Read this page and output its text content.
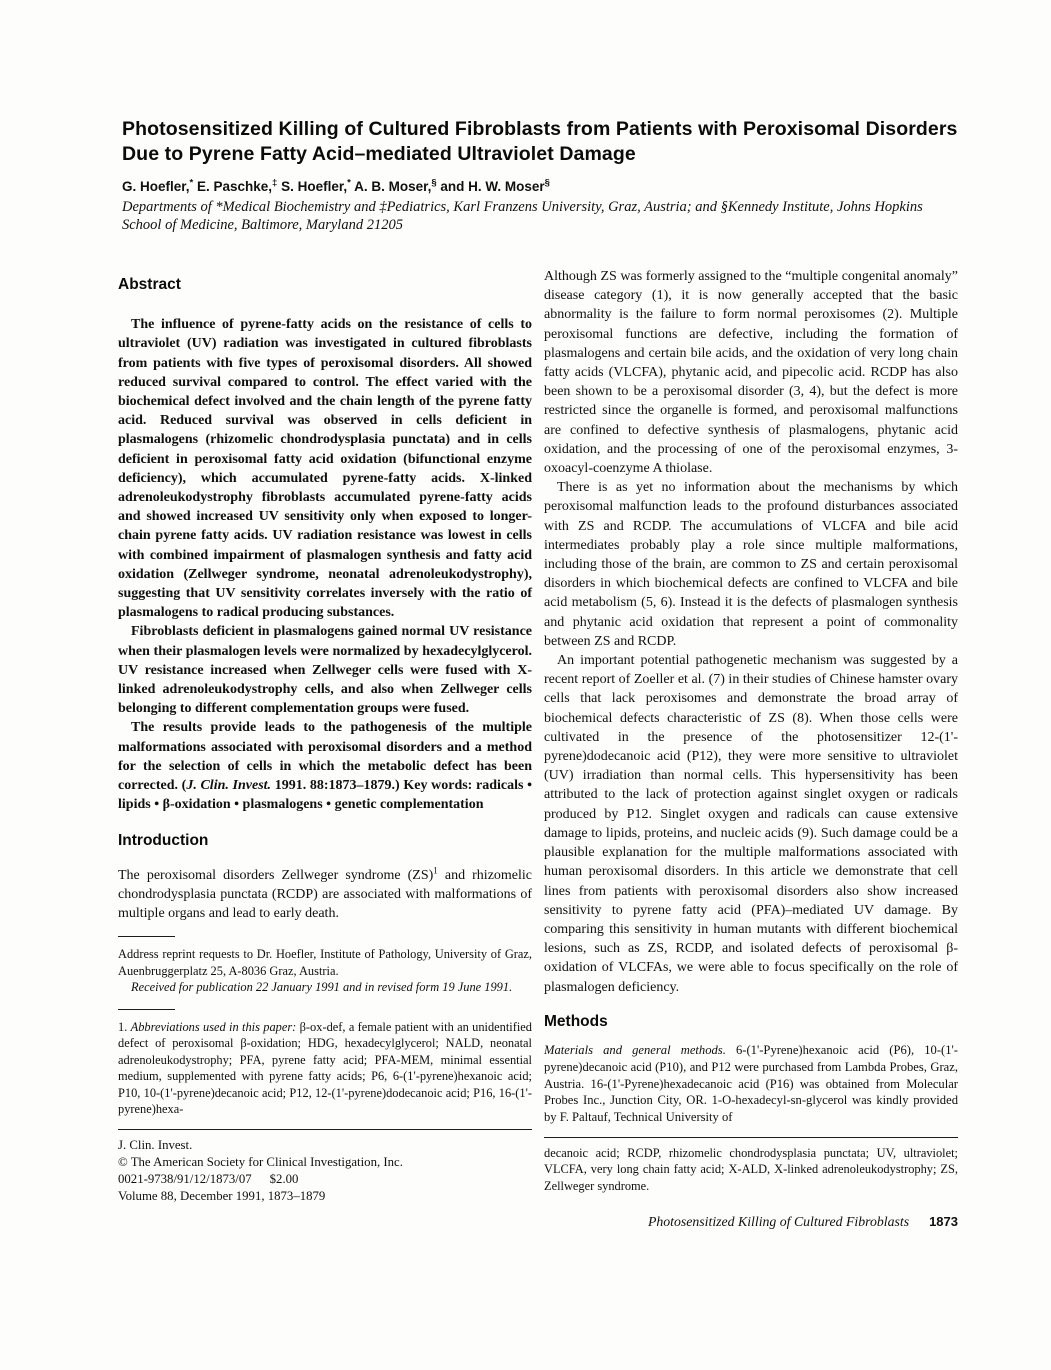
Photosensitized Killing of Cultured Fibroblasts from Patients with Peroxisomal Disorders Due to Pyrene Fatty Acid–mediated Ultraviolet Damage
G. Hoefler,* E. Paschke,‡ S. Hoefler,* A. B. Moser,§ and H. W. Moser§
Departments of *Medical Biochemistry and ‡Pediatrics, Karl Franzens University, Graz, Austria; and §Kennedy Institute, Johns Hopkins School of Medicine, Baltimore, Maryland 21205
Abstract

The influence of pyrene-fatty acids on the resistance of cells to ultraviolet (UV) radiation was investigated in cultured fibroblasts from patients with five types of peroxisomal disorders. All showed reduced survival compared to control. The effect varied with the biochemical defect involved and the chain length of the pyrene fatty acid. Reduced survival was observed in cells deficient in plasmalogens (rhizomelic chondrodysplasia punctata) and in cells deficient in peroxisomal fatty acid oxidation (bifunctional enzyme deficiency), which accumulated pyrene-fatty acids. X-linked adrenoleukodystrophy fibroblasts accumulated pyrene-fatty acids and showed increased UV sensitivity only when exposed to longer-chain pyrene fatty acids. UV radiation resistance was lowest in cells with combined impairment of plasmalogen synthesis and fatty acid oxidation (Zellweger syndrome, neonatal adrenoleukodystrophy), suggesting that UV sensitivity correlates inversely with the ratio of plasmalogens to radical producing substances.

Fibroblasts deficient in plasmalogens gained normal UV resistance when their plasmalogen levels were normalized by hexadecylglycerol. UV resistance increased when Zellweger cells were fused with X-linked adrenoleukodystrophy cells, and also when Zellweger cells belonging to different complementation groups were fused.

The results provide leads to the pathogenesis of the multiple malformations associated with peroxisomal disorders and a method for the selection of cells in which the metabolic defect has been corrected. (J. Clin. Invest. 1991. 88:1873–1879.) Key words: radicals • lipids • β-oxidation • plasmalogens • genetic complementation

Introduction

The peroxisomal disorders Zellweger syndrome (ZS)$^1$ and rhizomelic chondrodysplasia punctata (RCDP) are associated with malformations of multiple organs and lead to early death.

Address reprint requests to Dr. Hoefler, Institute of Pathology, University of Graz, Auenbruggerplatz 25, A-8036 Graz, Austria.

Received for publication 22 January 1991 and in revised form 19 June 1991.

1. Abbreviations used in this paper: β-ox-def, a female patient with an unidentified defect of peroxisomal β-oxidation; HDG, hexadecylglycerol; NALD, neonatal adrenoleukodystrophy; PFA, pyrene fatty acid; PFA-MEM, minimal essential medium, supplemented with pyrene fatty acids; P6, 6-(1'-pyrene)hexanoic acid; P10, 10-(1'-pyrene)decanoic acid; P12, 12-(1'-pyrene)dodecanoic acid; P16, 16-(1'-pyrene)hexa-

J. Clin. Invest.
© The American Society for Clinical Investigation, Inc.
0021-9738/91/12/1873/07 $2.00
Volume 88, December 1991, 1873–1879

Although ZS was formerly assigned to the “multiple congenital anomaly” disease category (1), it is now generally accepted that the basic abnormality is the failure to form normal peroxisomes (2). Multiple peroxisomal functions are defective, including the formation of plasmalogens and certain bile acids, and the oxidation of very long chain fatty acids (VLCFA), phytanic acid, and pipecolic acid. RCDP has also been shown to be a peroxisomal disorder (3, 4), but the defect is more restricted since the organelle is formed, and peroxisomal malfunctions are confined to defective synthesis of plasmalogens, phytanic acid oxidation, and the processing of one of the peroxisomal enzymes, 3-oxoacyl-coenzyme A thiolase.

There is as yet no information about the mechanisms by which peroxisomal malfunction leads to the profound disturbances associated with ZS and RCDP. The accumulations of VLCFA and bile acid intermediates probably play a role since multiple malformations, including those of the brain, are common to ZS and certain peroxisomal disorders in which biochemical defects are confined to VLCFA and bile acid metabolism (5, 6). Instead it is the defects of plasmalogen synthesis and phytanic acid oxidation that represent a point of commonality between ZS and RCDP.

An important potential pathogenetic mechanism was suggested by a recent report of Zoeller et al. (7) in their studies of Chinese hamster ovary cells that lack peroxisomes and demonstrate the broad array of biochemical defects characteristic of ZS (8). When those cells were cultivated in the presence of the photosensitizer 12-(1'-pyrene)dodecanoic acid (P12), they were more sensitive to ultraviolet (UV) irradiation than normal cells. This hypersensitivity has been attributed to the lack of protection against singlet oxygen or radicals produced by P12. Singlet oxygen and radicals can cause extensive damage to lipids, proteins, and nucleic acids (9). Such damage could be a plausible explanation for the multiple malformations associated with human peroxisomal disorders. In this article we demonstrate that cell lines from patients with peroxisomal disorders also show increased sensitivity to pyrene fatty acid (PFA)–mediated UV damage. By comparing this sensitivity in human mutants with different biochemical lesions, such as ZS, RCDP, and isolated defects of peroxisomal β-oxidation of VLCFAs, we were able to focus specifically on the role of plasmalogen deficiency.

Methods

Materials and general methods. 6-(1'-Pyrene)hexanoic acid (P6), 10-(1'-pyrene)decanoic acid (P10), and P12 were purchased from Lambda Probes, Graz, Austria. 16-(1'-Pyrene)hexadecanoic acid (P16) was obtained from Molecular Probes Inc., Junction City, OR. 1-O-hexadecyl-sn-glycerol was kindly provided by F. Paltauf, Technical University of

decanoic acid; RCDP, rhizomelic chondrodysplasia punctata; UV, ultraviolet; VLCFA, very long chain fatty acid; X-ALD, X-linked adrenoleukodystrophy; ZS, Zellweger syndrome.

Photosensitized Killing of Cultured Fibroblasts 1873
